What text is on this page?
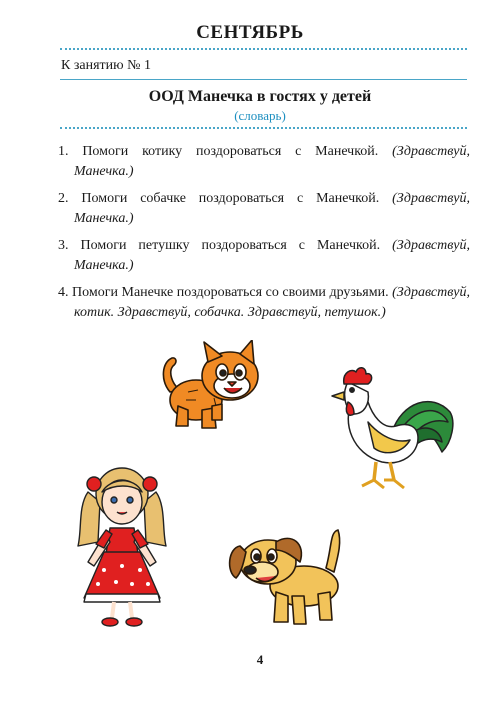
СЕНТЯБРЬ
К занятию № 1
ООД Манечка в гостях у детей
(словарь)
1. Помоги котику поздороваться с Манечкой. (Здравствуй, Манечка.)
2. Помоги собачке поздороваться с Манечкой. (Здравствуй, Манечка.)
3. Помоги петушку поздороваться с Манечкой. (Здравствуй, Манечка.)
4. Помоги Манечке поздороваться со своими друзьями. (Здравствуй, котик. Здравствуй, собачка. Здравствуй, петушок.)
4
